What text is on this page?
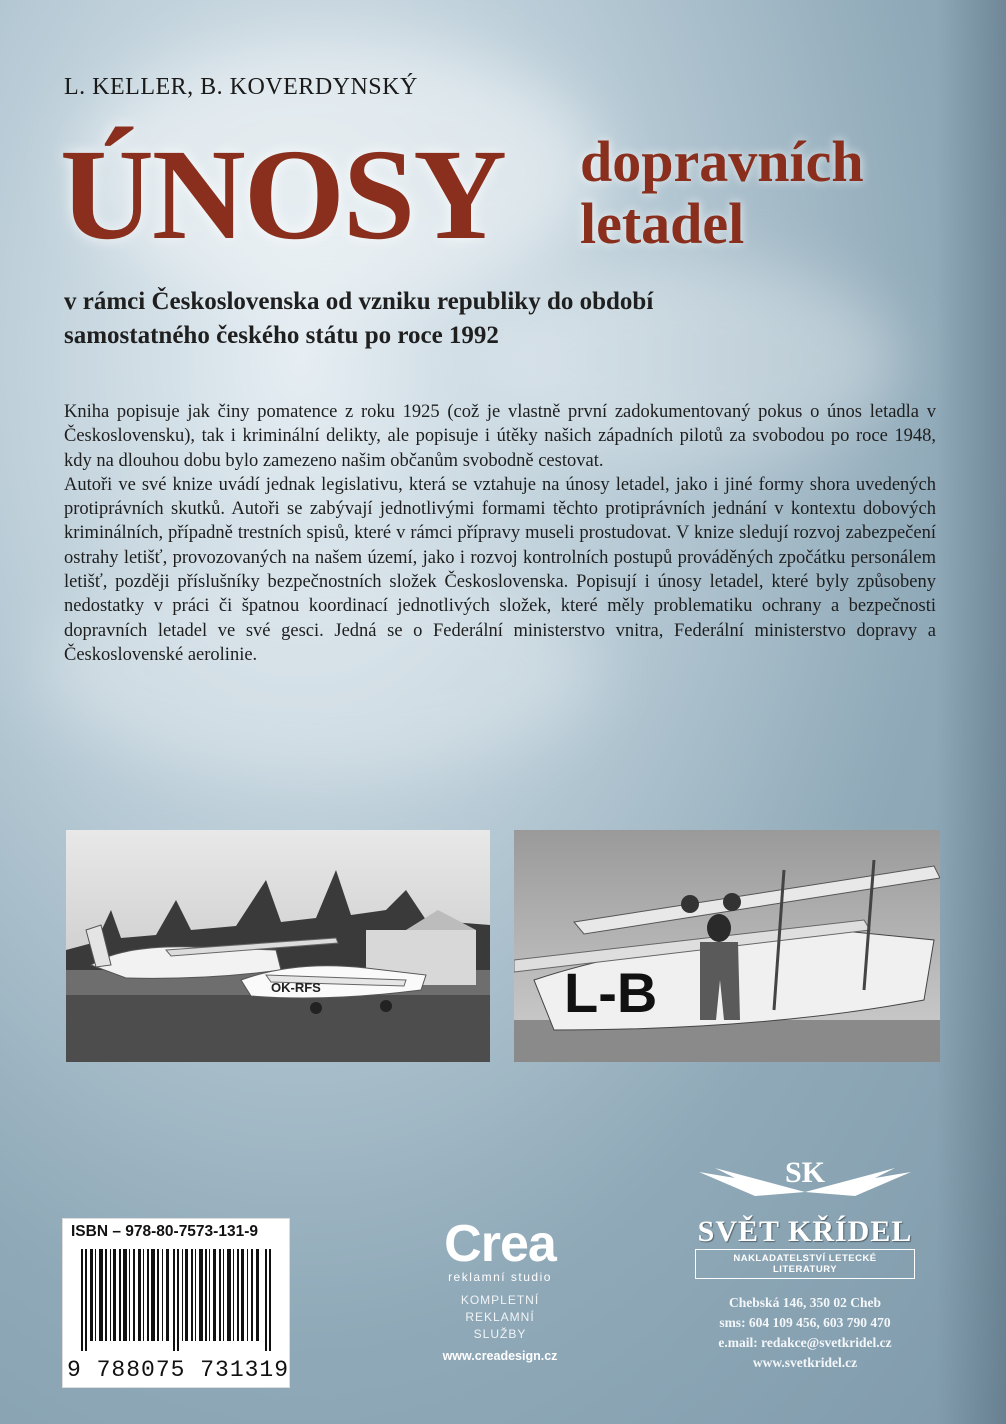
L. KELLER, B. KOVERDYNSKÝ
ÚNOSY dopravních
letadel
v rámci Československa od vzniku republiky do období
samostatného českého státu po roce 1992

Kniha popisuje jak činy pomatence z roku 1925 (což je vlastně první zadokumentovaný pokus o únos letadla v Československu), tak i kriminální delikty, ale popisuje i útěky našich západních pilotů za svobodou po roce 1948, kdy na dlouhou dobu bylo zamezeno našim občanům svobodně cestovat.

Autoři ve své knize uvádí jednak legislativu, která se vztahuje na únosy letadel, jako i jiné formy shora uvedených protiprávních skutků. Autoři se zabývají jednotlivými formami těchto protiprávních jednání v kontextu dobových kriminálních, případně trestních spisů, které v rámci přípravy museli prostudovat. V knize sledují rozvoj zabezpečení ostrahy letišť, provozovaných na našem území, jako i rozvoj kontrolních postupů prováděných zpočátku personálem letišť, později příslušníky bezpečnostních složek Československa. Popisují i únosy letadel, které byly způsobeny nedostatky v práci či špatnou koordinací jednotlivých složek, které měly problematiku ochrany a bezpečnosti dopravních letadel ve své gesci. Jedná se o Federální ministerstvo vnitra, Federální ministerstvo dopravy a Československé aerolinie.

OK-RFS	L-B
ISBN – 978-80-7573-131-9
9 788075 731319
Crea
reklamní studio
KOMPLETNÍ
REKLAMNÍ
SLUŽBY
www.creadesign.cz
SK
SVĚT KŘÍDEL
NAKLADATELSTVÍ LETECKÉ LITERATURY
Chebská 146, 350 02 Cheb
sms: 604 109 456, 603 790 470
e.mail: redakce@svetkridel.cz
www.svetkridel.cz
